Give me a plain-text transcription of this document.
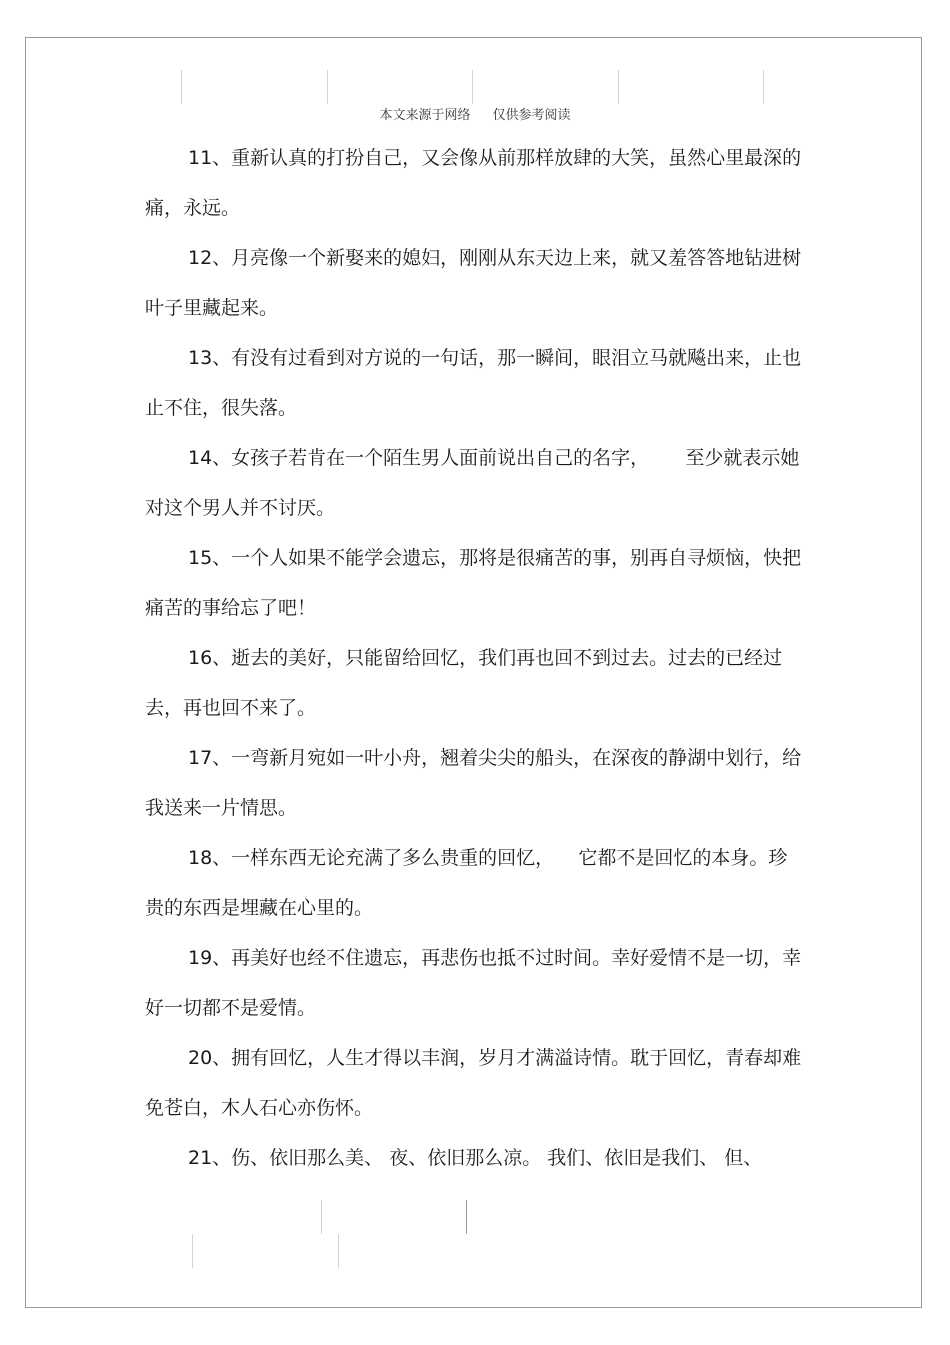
本文来源于网络 仅供参考阅读

11、重新认真的打扮自己，又会像从前那样放肆的大笑，虽然心里最深的痛，永远。

12、月亮像一个新娶来的媳妇，刚刚从东天边上来，就又羞答答地钻进树叶子里藏起来。

13、有没有过看到对方说的一句话，那一瞬间，眼泪立马就飚出来，止也止不住，很失落。

14、女孩子若肯在一个陌生男人面前说出自己的名字，      至少就表示她对这个男人并不讨厌。

15、一个人如果不能学会遗忘，那将是很痛苦的事，别再自寻烦恼，快把痛苦的事给忘了吧！

16、逝去的美好，只能留给回忆，我们再也回不到过去。过去的已经过去，再也回不来了。

17、一弯新月宛如一叶小舟，翘着尖尖的船头，在深夜的静湖中划行，给我送来一片情思。

18、一样东西无论充满了多么贵重的回忆，    它都不是回忆的本身。珍贵的东西是埋藏在心里的。

19、再美好也经不住遗忘，再悲伤也抵不过时间。幸好爱情不是一切，幸好一切都不是爱情。

20、拥有回忆，人生才得以丰润，岁月才满溢诗情。耽于回忆，青春却难免苍白，木人石心亦伤怀。

21、伤、依旧那么美、 夜、依旧那么凉。 我们、依旧是我们、 但、
